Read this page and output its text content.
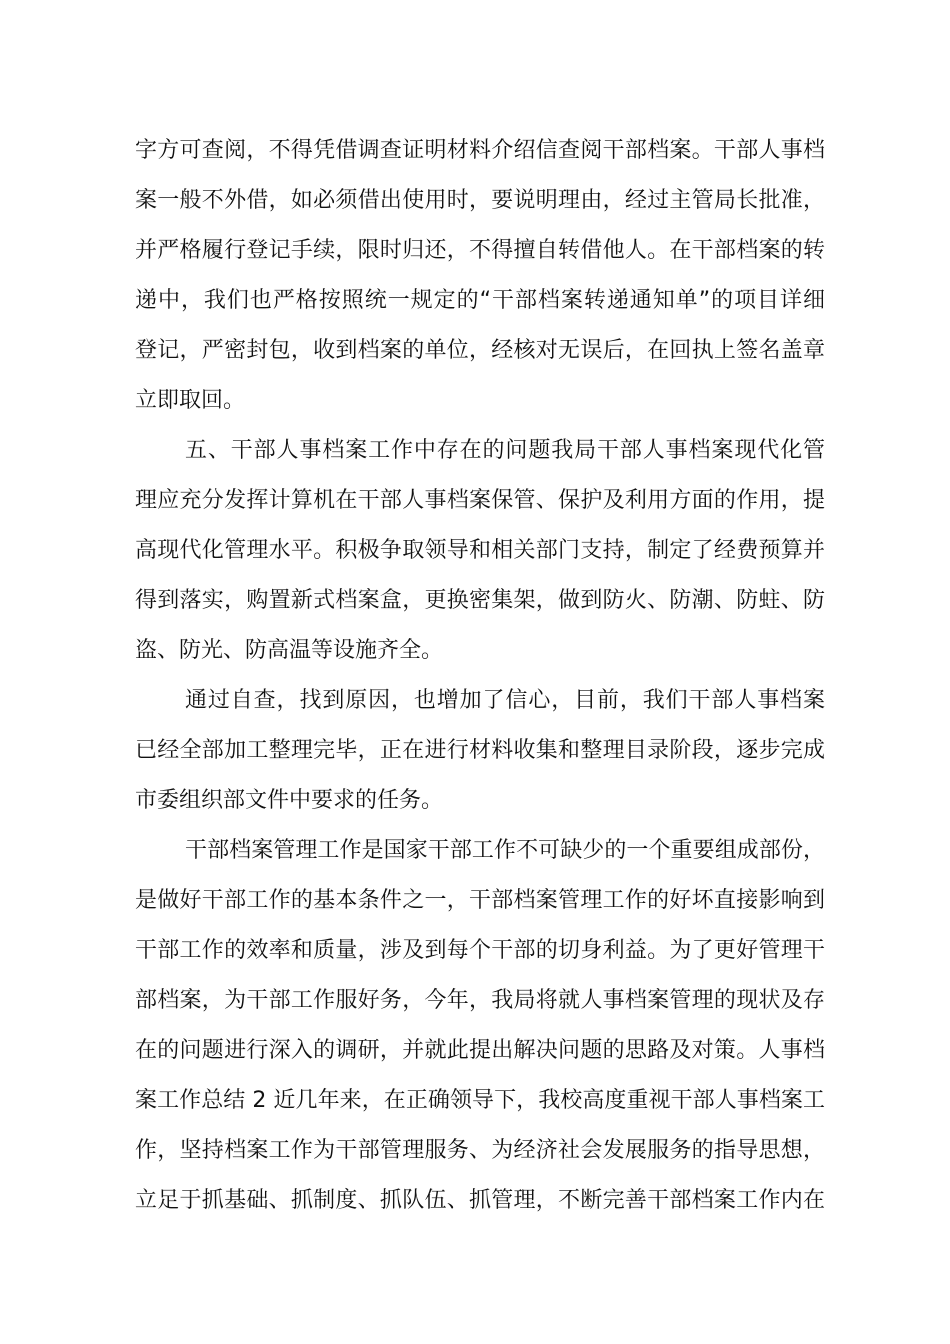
字方可查阅，不得凭借调查证明材料介绍信查阅干部档案。干部人事档
案一般不外借，如必须借出使用时，要说明理由，经过主管局长批准，
并严格履行登记手续，限时归还，不得擅自转借他人。在干部档案的转
递中，我们也严格按照统一规定的“干部档案转递通知单”的项目详细
登记，严密封包，收到档案的单位，经核对无误后，在回执上签名盖章
立即取回。
五、干部人事档案工作中存在的问题我局干部人事档案现代化管
理应充分发挥计算机在干部人事档案保管、保护及利用方面的作用，提
高现代化管理水平。积极争取领导和相关部门支持，制定了经费预算并
得到落实，购置新式档案盒，更换密集架，做到防火、防潮、防蛀、防
盗、防光、防高温等设施齐全。
通过自查，找到原因，也增加了信心，目前，我们干部人事档案
已经全部加工整理完毕，正在进行材料收集和整理目录阶段，逐步完成
市委组织部文件中要求的任务。
干部档案管理工作是国家干部工作不可缺少的一个重要组成部份，
是做好干部工作的基本条件之一，干部档案管理工作的好坏直接影响到
干部工作的效率和质量，涉及到每个干部的切身利益。为了更好管理干
部档案，为干部工作服好务，今年，我局将就人事档案管理的现状及存
在的问题进行深入的调研，并就此提出解决问题的思路及对策。人事档
案工作总结 2 近几年来，在正确领导下，我校高度重视干部人事档案工
作，坚持档案工作为干部管理服务、为经济社会发展服务的指导思想，
立足于抓基础、抓制度、抓队伍、抓管理，不断完善干部档案工作内在
